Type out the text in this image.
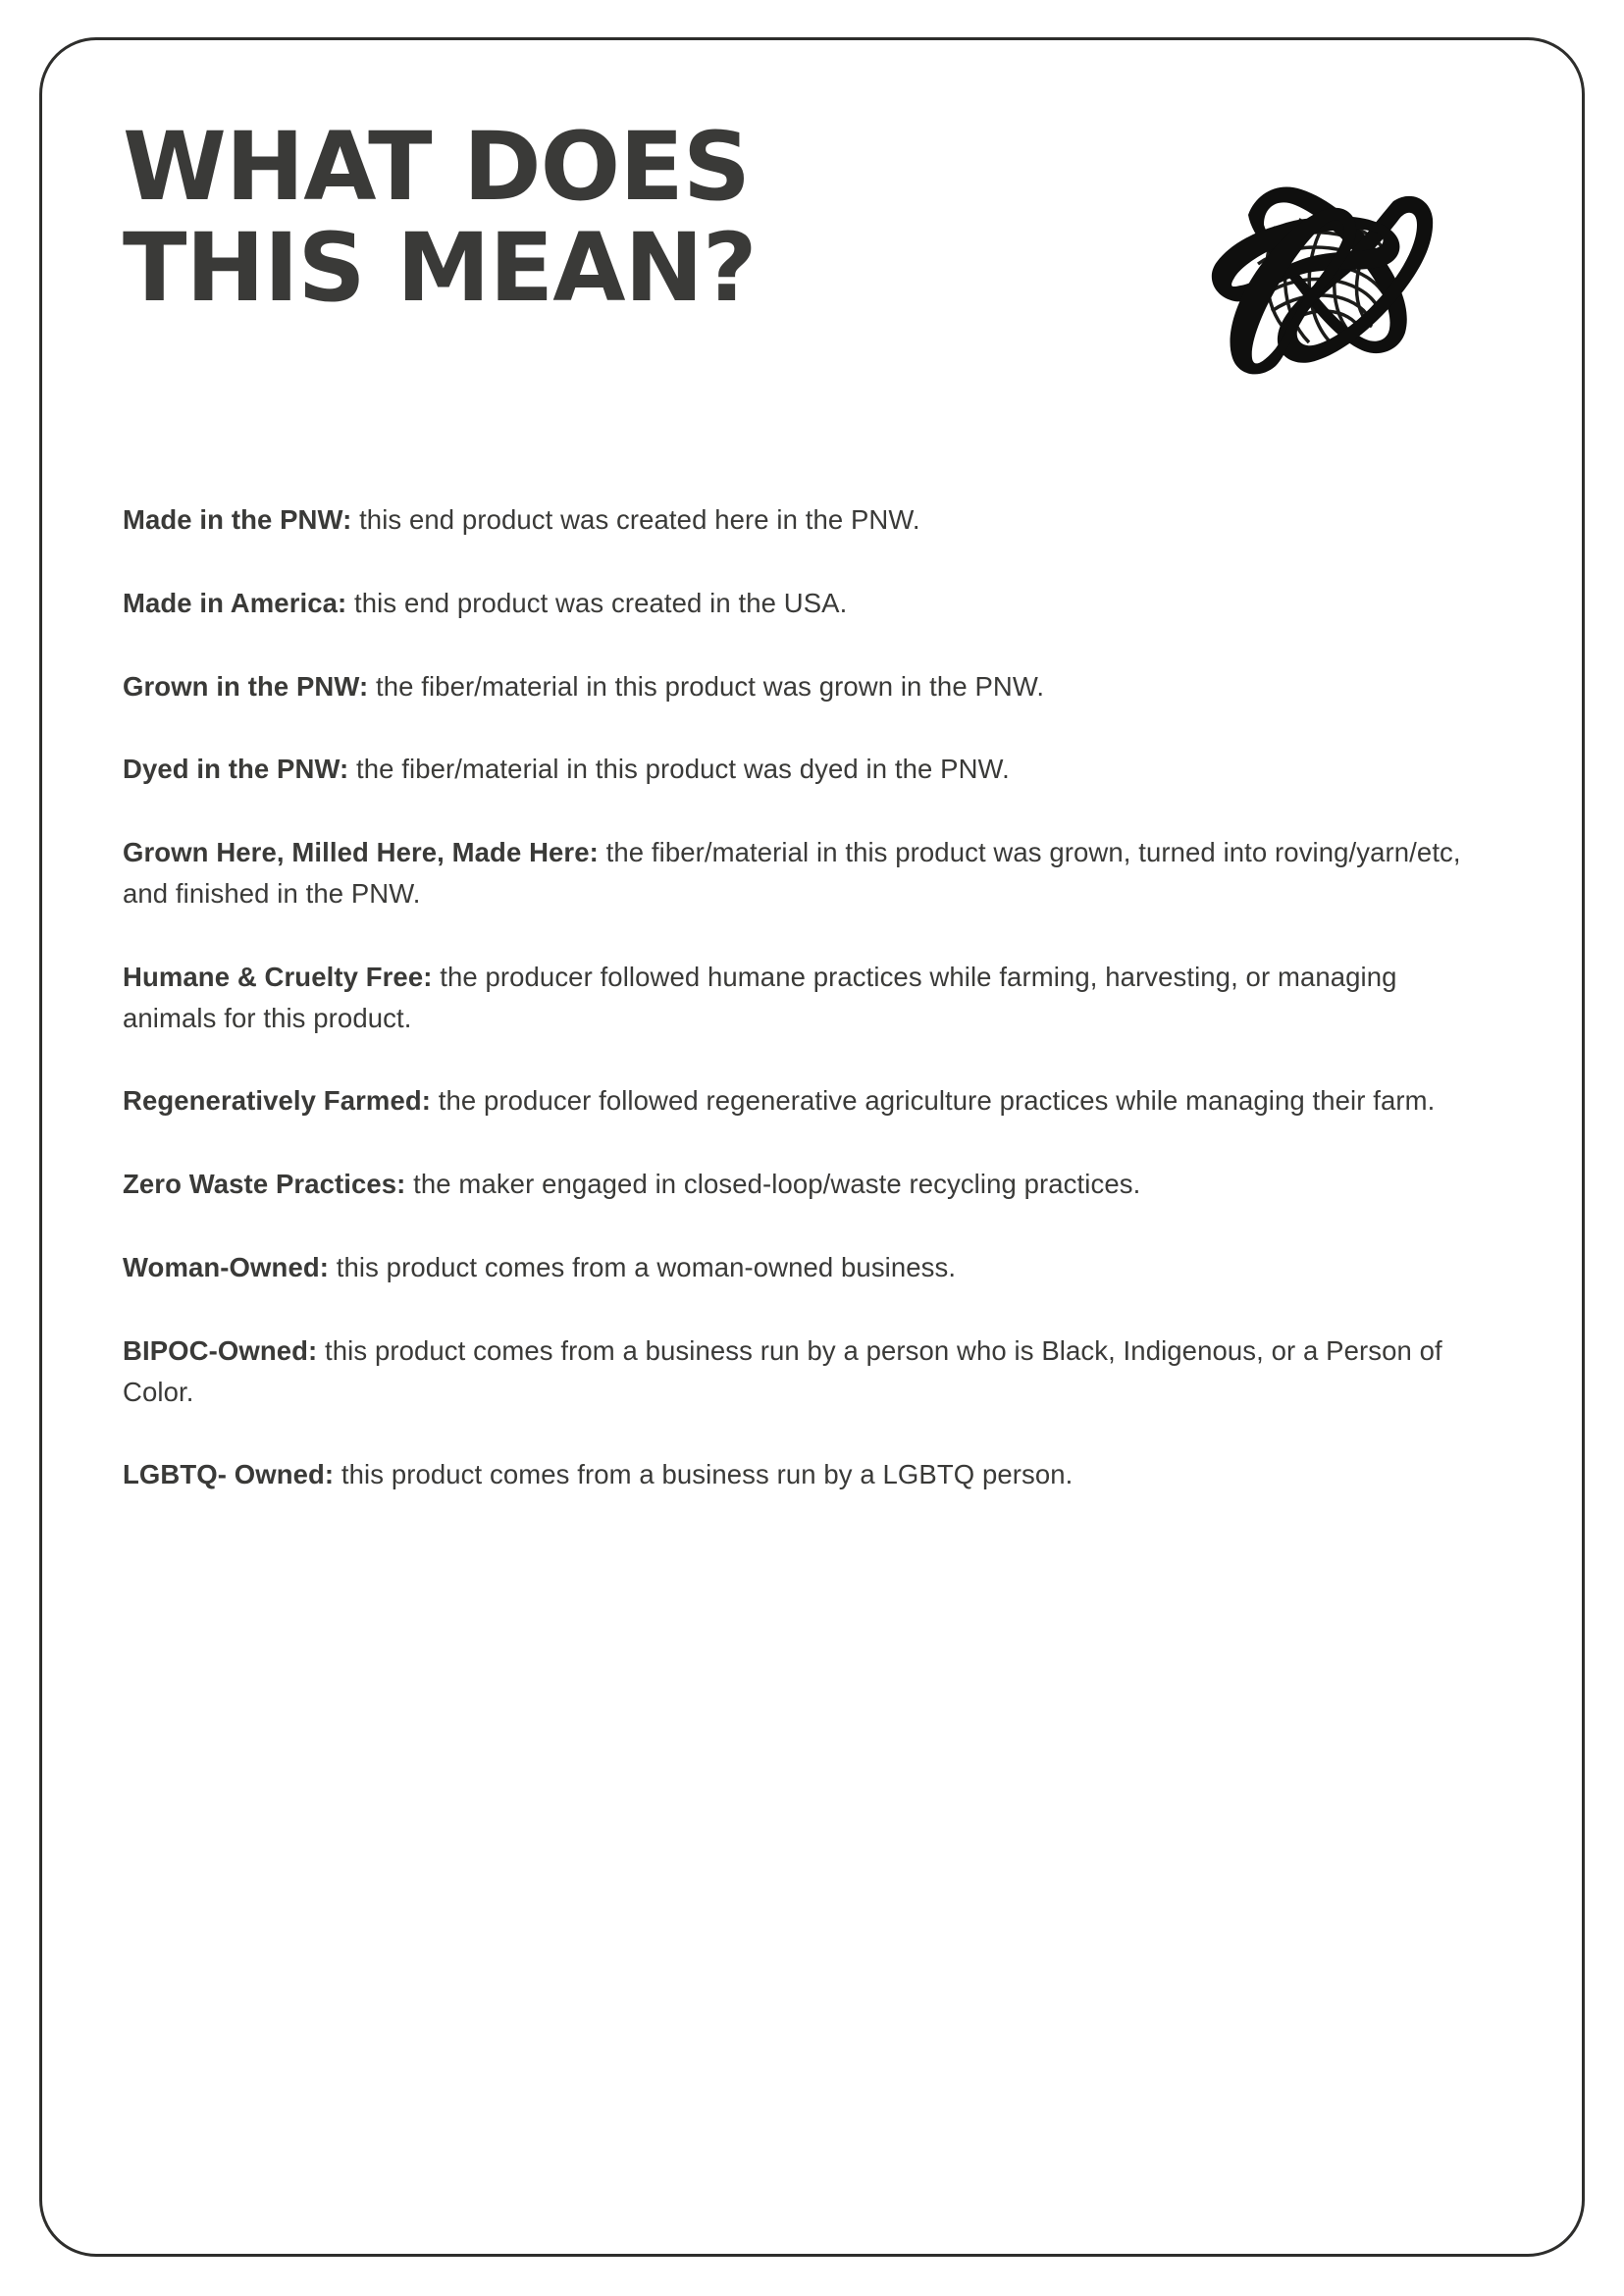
WHAT DOES
THIS MEAN?

Made in the PNW: this end product was created here in the PNW.

Made in America: this end product was created in the USA.

Grown in the PNW: the fiber/material in this product was grown in the PNW.

Dyed in the PNW: the fiber/material in this product was dyed in the PNW.

Grown Here, Milled Here, Made Here: the fiber/material in this product was grown, turned into roving/yarn/etc, and finished in the PNW.

Humane & Cruelty Free: the producer followed humane practices while farming, harvesting, or managing animals for this product.

Regeneratively Farmed: the producer followed regenerative agriculture practices while managing their farm.

Zero Waste Practices: the maker engaged in closed-loop/waste recycling practices.

Woman-Owned: this product comes from a woman-owned business.

BIPOC-Owned: this product comes from a business run by a person who is Black, Indigenous, or a Person of Color.

LGBTQ- Owned: this product comes from a business run by a LGBTQ person.
